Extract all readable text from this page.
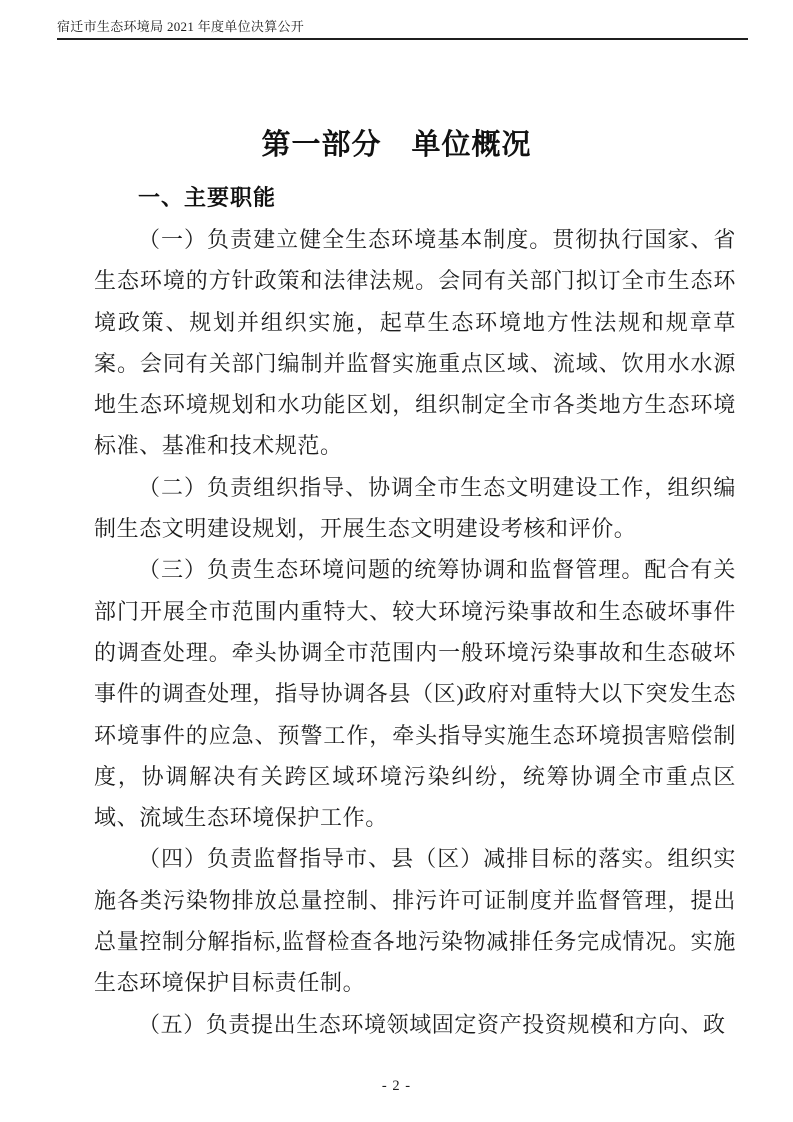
宿迁市生态环境局 2021 年度单位决算公开
第一部分　单位概况
一、主要职能

（一）负责建立健全生态环境基本制度。贯彻执行国家、省生态环境的方针政策和法律法规。会同有关部门拟订全市生态环境政策、规划并组织实施，起草生态环境地方性法规和规章草案。会同有关部门编制并监督实施重点区域、流域、饮用水水源地生态环境规划和水功能区划，组织制定全市各类地方生态环境标准、基准和技术规范。

（二）负责组织指导、协调全市生态文明建设工作，组织编制生态文明建设规划，开展生态文明建设考核和评价。

（三）负责生态环境问题的统筹协调和监督管理。配合有关部门开展全市范围内重特大、较大环境污染事故和生态破坏事件的调查处理。牵头协调全市范围内一般环境污染事故和生态破坏事件的调查处理，指导协调各县（区)政府对重特大以下突发生态环境事件的应急、预警工作，牵头指导实施生态环境损害赔偿制度，协调解决有关跨区域环境污染纠纷，统筹协调全市重点区域、流域生态环境保护工作。

（四）负责监督指导市、县（区）减排目标的落实。组织实施各类污染物排放总量控制、排污许可证制度并监督管理，提出总量控制分解指标,监督检查各地污染物减排任务完成情况。实施生态环境保护目标责任制。

（五）负责提出生态环境领域固定资产投资规模和方向、政

- 2 -
